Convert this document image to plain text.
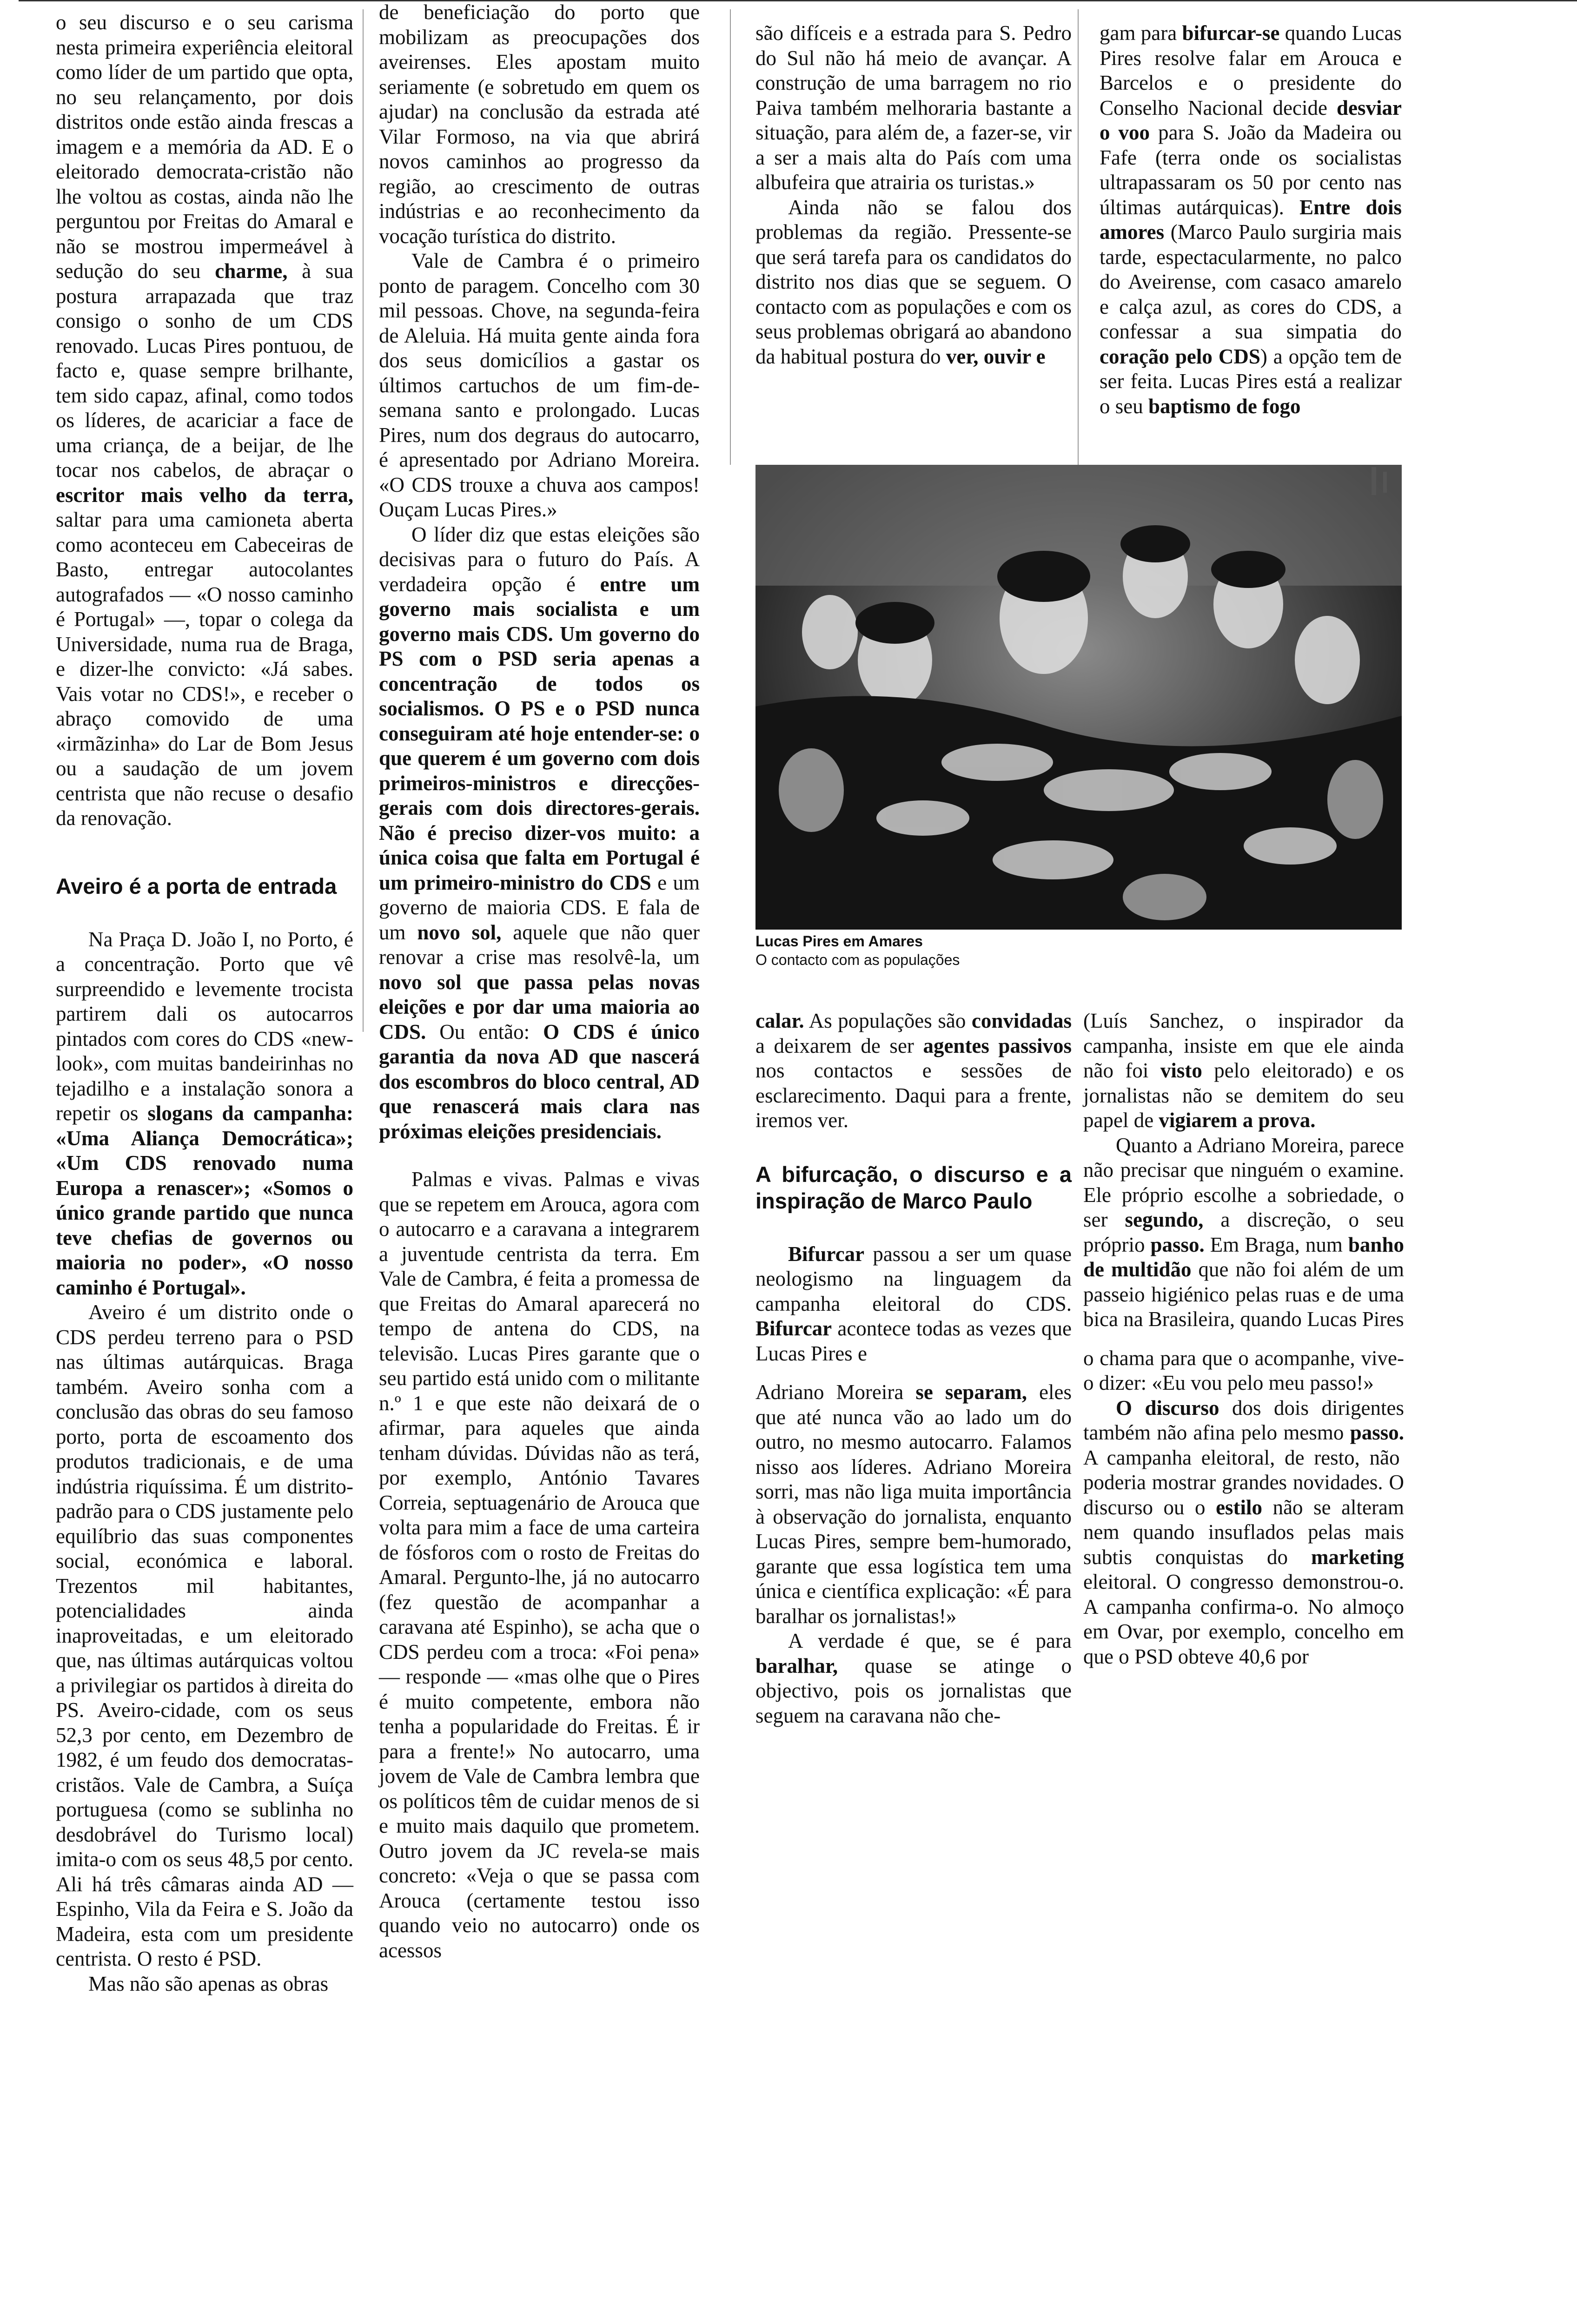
o seu discurso e o seu carisma nesta primeira experiência eleitoral como líder de um partido que opta, no seu relançamento, por dois distritos onde estão ainda frescas a imagem e a memória da AD. E o eleitorado democrata-cristão não lhe voltou as costas, ainda não lhe perguntou por Freitas do Amaral e não se mostrou impermeável à sedução do seu charme, à sua postura arrapazada que traz consigo o sonho de um CDS renovado. Lucas Pires pontuou, de facto e, quase sempre brilhante, tem sido capaz, afinal, como todos os líderes, de acariciar a face de uma criança, de a beijar, de lhe tocar nos cabelos, de abraçar o escritor mais velho da terra, saltar para uma camioneta aberta como aconteceu em Cabeceiras de Basto, entregar autocolantes autografados — «O nosso caminho é Portugal» —, topar o colega da Universidade, numa rua de Braga, e dizer-lhe convicto: «Já sabes. Vais votar no CDS!», e receber o abraço comovido de uma «irmãzinha» do Lar de Bom Jesus ou a saudação de um jovem centrista que não recuse o desafio da renovação.

Aveiro é a porta de entrada

Na Praça D. João I, no Porto, é a concentração. Porto que vê surpreendido e levemente trocista partirem dali os autocarros pintados com cores do CDS «new-look», com muitas bandeirinhas no tejadilho e a instalação sonora a repetir os slogans da campanha: «Uma Aliança Democrática»; «Um CDS renovado numa Europa a renascer»; «Somos o único grande partido que nunca teve chefias de governos ou maioria no poder», «O nosso caminho é Portugal».

Aveiro é um distrito onde o CDS perdeu terreno para o PSD nas últimas autárquicas. Braga também. Aveiro sonha com a conclusão das obras do seu famoso porto, porta de escoamento dos produtos tradicionais, e de uma indústria riquíssima. É um distrito-padrão para o CDS justamente pelo equilíbrio das suas componentes social, económica e laboral. Trezentos mil habitantes, potencialidades ainda inaproveitadas, e um eleitorado que, nas últimas autárquicas voltou a privilegiar os partidos à direita do PS. Aveiro-cidade, com os seus 52,3 por cento, em Dezembro de 1982, é um feudo dos democratas-cristãos. Vale de Cambra, a Suíça portuguesa (como se sublinha no desdobrável do Turismo local) imita-o com os seus 48,5 por cento. Ali há três câmaras ainda AD — Espinho, Vila da Feira e S. João da Madeira, esta com um presidente centrista. O resto é PSD.

Mas não são apenas as obras

de beneficiação do porto que mobilizam as preocupações dos aveirenses. Eles apostam muito seriamente (e sobretudo em quem os ajudar) na conclusão da estrada até Vilar Formoso, na via que abrirá novos caminhos ao progresso da região, ao crescimento de outras indústrias e ao reconhecimento da vocação turística do distrito.

Vale de Cambra é o primeiro ponto de paragem. Concelho com 30 mil pessoas. Chove, na segunda-feira de Aleluia. Há muita gente ainda fora dos seus domicílios a gastar os últimos cartuchos de um fim-de-semana santo e prolongado. Lucas Pires, num dos degraus do autocarro, é apresentado por Adriano Moreira. «O CDS trouxe a chuva aos campos! Ouçam Lucas Pires.»

O líder diz que estas eleições são decisivas para o futuro do País. A verdadeira opção é entre um governo mais socialista e um governo mais CDS. Um governo do PS com o PSD seria apenas a concentração de todos os socialismos. O PS e o PSD nunca conseguiram até hoje entender-se: o que querem é um governo com dois primeiros-ministros e direcções-gerais com dois directores-gerais. Não é preciso dizer-vos muito: a única coisa que falta em Portugal é um primeiro-ministro do CDS e um governo de maioria CDS. E fala de um novo sol, aquele que não quer renovar a crise mas resolvê-la, um novo sol que passa pelas novas eleições e por dar uma maioria ao CDS. Ou então: O CDS é único garantia da nova AD que nascerá dos escombros do bloco central, AD que renascerá mais clara nas próximas eleições presidenciais.

Palmas e vivas. Palmas e vivas que se repetem em Arouca, agora com o autocarro e a caravana a integrarem a juventude centrista da terra. Em Vale de Cambra, é feita a promessa de que Freitas do Amaral aparecerá no tempo de antena do CDS, na televisão. Lucas Pires garante que o seu partido está unido com o militante n.º 1 e que este não deixará de o afirmar, para aqueles que ainda tenham dúvidas. Dúvidas não as terá, por exemplo, António Tavares Correia, septuagenário de Arouca que volta para mim a face de uma carteira de fósforos com o rosto de Freitas do Amaral. Pergunto-lhe, já no autocarro (fez questão de acompanhar a caravana até Espinho), se acha que o CDS perdeu com a troca: «Foi pena» — responde — «mas olhe que o Pires é muito competente, embora não tenha a popularidade do Freitas. É ir para a frente!» No autocarro, uma jovem de Vale de Cambra lembra que os políticos têm de cuidar menos de si e muito mais daquilo que prometem. Outro jovem da JC revela-se mais concreto: «Veja o que se passa com Arouca (certamente testou isso quando veio no autocarro) onde os acessos

são difíceis e a estrada para S. Pedro do Sul não há meio de avançar. A construção de uma barragem no rio Paiva também melhoraria bastante a situação, para além de, a fazer-se, vir a ser a mais alta do País com uma albufeira que atrairia os turistas.»

Ainda não se falou dos problemas da região. Pressente-se que será tarefa para os candidatos do distrito nos dias que se seguem. O contacto com as populações e com os seus problemas obrigará ao abandono da habitual postura do ver, ouvir e

gam para bifurcar-se quando Lucas Pires resolve falar em Arouca e Barcelos e o presidente do Conselho Nacional decide desviar o voo para S. João da Madeira ou Fafe (terra onde os socialistas ultrapassaram os 50 por cento nas últimas autárquicas). Entre dois amores (Marco Paulo surgiria mais tarde, espectacularmente, no palco do Aveirense, com casaco amarelo e calça azul, as cores do CDS, a confessar a sua simpatia do coração pelo CDS) a opção tem de ser feita. Lucas Pires está a realizar o seu baptismo de fogo

Lucas Pires em Amares
O contacto com as populações

calar. As populações são convidadas a deixarem de ser agentes passivos nos contactos e sessões de esclarecimento. Daqui para a frente, iremos ver.

A bifurcação, o discurso e a inspiração de Marco Paulo

Bifurcar passou a ser um quase neologismo na linguagem da campanha eleitoral do CDS. Bifurcar acontece todas as vezes que Lucas Pires e

Adriano Moreira se separam, eles que até nunca vão ao lado um do outro, no mesmo autocarro. Falamos nisso aos líderes. Adriano Moreira sorri, mas não liga muita importância à observação do jornalista, enquanto Lucas Pires, sempre bem-humorado, garante que essa logística tem uma única e científica explicação: «É para baralhar os jornalistas!»

A verdade é que, se é para baralhar, quase se atinge o objectivo, pois os jornalistas que seguem na caravana não che-

(Luís Sanchez, o inspirador da campanha, insiste em que ele ainda não foi visto pelo eleitorado) e os jornalistas não se demitem do seu papel de vigiarem a prova.

Quanto a Adriano Moreira, parece não precisar que ninguém o examine. Ele próprio escolhe a sobriedade, o ser segundo, a discreção, o seu próprio passo. Em Braga, num banho de multidão que não foi além de um passeio higiénico pelas ruas e de uma bica na Brasileira, quando Lucas Pires

o chama para que o acompanhe, vive-o dizer: «Eu vou pelo meu passo!»

O discurso dos dois dirigentes também não afina pelo mesmo passo. A campanha eleitoral, de resto, não poderia mostrar grandes novidades. O discurso ou o estilo não se alteram nem quando insuflados pelas mais subtis conquistas do marketing eleitoral. O congresso demonstrou-o. A campanha confirma-o. No almoço em Ovar, por exemplo, concelho em que o PSD obteve 40,6 por
